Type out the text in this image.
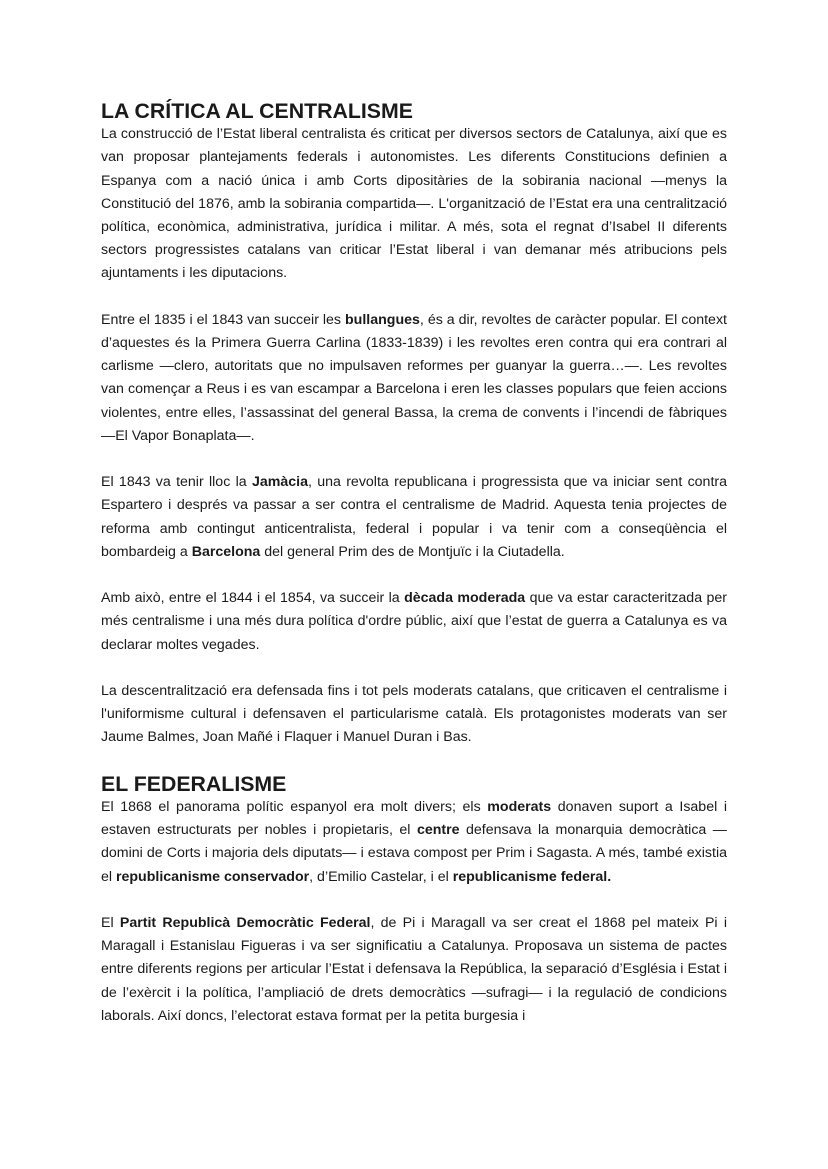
LA CRÍTICA AL CENTRALISME

La construcció de l’Estat liberal centralista és criticat per diversos sectors de Catalunya, així que es van proposar plantejaments federals i autonomistes. Les diferents Constitucions definien a Espanya com a nació única i amb Corts dipositàries de la sobirania nacional —menys la Constitució del 1876, amb la sobirania compartida—. L'organització de l’Estat era una centralització política, econòmica, administrativa, jurídica i militar. A més, sota el regnat d’Isabel II diferents sectors progressistes catalans van criticar l’Estat liberal i van demanar més atribucions pels ajuntaments i les diputacions.

Entre el 1835 i el 1843 van succeir les bullangues, és a dir, revoltes de caràcter popular. El context d’aquestes és la Primera Guerra Carlina (1833-1839) i les revoltes eren contra qui era contrari al carlisme —clero, autoritats que no impulsaven reformes per guanyar la guerra…—. Les revoltes van començar a Reus i es van escampar a Barcelona i eren les classes populars que feien accions violentes, entre elles, l’assassinat del general Bassa, la crema de convents i l’incendi de fàbriques —El Vapor Bonaplata—.

El 1843 va tenir lloc la Jamàcia, una revolta republicana i progressista que va iniciar sent contra Espartero i després va passar a ser contra el centralisme de Madrid. Aquesta tenia projectes de reforma amb contingut anticentralista, federal i popular i va tenir com a conseqüència el bombardeig a Barcelona del general Prim des de Montjuïc i la Ciutadella.

Amb això, entre el 1844 i el 1854, va succeir la dècada moderada que va estar caracteritzada per més centralisme i una més dura política d'ordre públic, així que l’estat de guerra a Catalunya es va declarar moltes vegades.

La descentralització era defensada fins i tot pels moderats catalans, que criticaven el centralisme i l'uniformisme cultural i defensaven el particularisme català. Els protagonistes moderats van ser Jaume Balmes, Joan Mañé i Flaquer i Manuel Duran i Bas.

EL FEDERALISME

El 1868 el panorama polític espanyol era molt divers; els moderats donaven suport a Isabel i estaven estructurats per nobles i propietaris, el centre defensava la monarquia democràtica —domini de Corts i majoria dels diputats— i estava compost per Prim i Sagasta. A més, també existia el republicanisme conservador, d’Emilio Castelar, i el republicanisme federal.

El Partit Republicà Democràtic Federal, de Pi i Maragall va ser creat el 1868 pel mateix Pi i Maragall i Estanislau Figueras i va ser significatiu a Catalunya. Proposava un sistema de pactes entre diferents regions per articular l’Estat i defensava la República, la separació d’Església i Estat i de l’exèrcit i la política, l’ampliació de drets democràtics —sufragi— i la regulació de condicions laborals. Així doncs, l’electorat estava format per la petita burgesia i
